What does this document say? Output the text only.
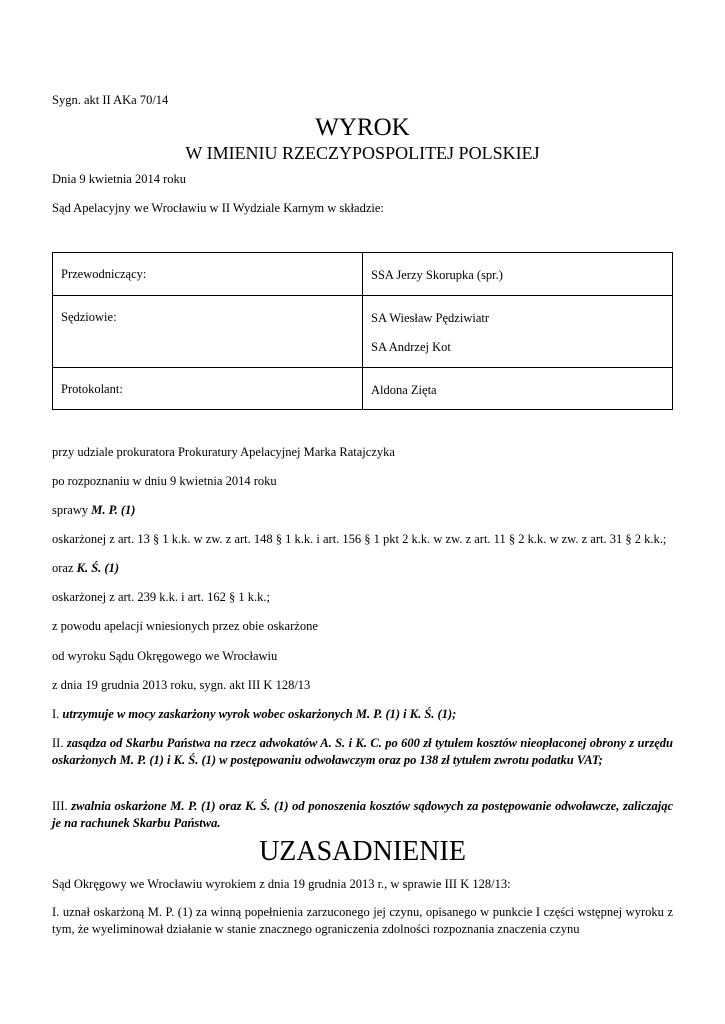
Sygn. akt II AKa 70/14
WYROK
W IMIENIU RZECZYPOSPOLITEJ POLSKIEJ
Dnia 9 kwietnia 2014 roku
Sąd Apelacyjny we Wrocławiu w II Wydziale Karnym w składzie:
Przewodniczący:	SSA Jerzy Skorupka (spr.)

Sędziowie:	SA Wiesław Pędziwiatr
SA Andrzej Kot

Protokolant:	Aldona Zięta
przy udziale prokuratora Prokuratury Apelacyjnej Marka Ratajczyka
po rozpoznaniu w dniu 9 kwietnia 2014 roku
sprawy M. P. (1)
oskarżonej z art. 13 § 1 k.k. w zw. z art. 148 § 1 k.k. i art. 156 § 1 pkt 2 k.k. w zw. z art. 11 § 2 k.k. w zw. z art. 31 § 2 k.k.;
oraz K. Ś. (1)
oskarżonej z art. 239 k.k. i art. 162 § 1 k.k.;
z powodu apelacji wniesionych przez obie oskarżone
od wyroku Sądu Okręgowego we Wrocławiu
z dnia 19 grudnia 2013 roku, sygn. akt III K 128/13
I. utrzymuje w mocy zaskarżony wyrok wobec oskarżonych M. P. (1) i K. Ś. (1);
II. zasądza od Skarbu Państwa na rzecz adwokatów A. S. i K. C. po 600 zł tytułem kosztów nieopłaconej obrony z urzędu oskarżonych M. P. (1) i K. Ś. (1) w postępowaniu odwoławczym oraz po 138 zł tytułem zwrotu podatku VAT;
III. zwalnia oskarżone M. P. (1) oraz K. Ś. (1) od ponoszenia kosztów sądowych za postępowanie odwoławcze, zaliczając je na rachunek Skarbu Państwa.
UZASADNIENIE
Sąd Okręgowy we Wrocławiu wyrokiem z dnia 19 grudnia 2013 r., w sprawie III K 128/13:
I. uznał oskarżoną M. P. (1) za winną popełnienia zarzuconego jej czynu, opisanego w punkcie I części wstępnej wyroku z tym, że wyeliminował działanie w stanie znacznego ograniczenia zdolności rozpoznania znaczenia czynu
